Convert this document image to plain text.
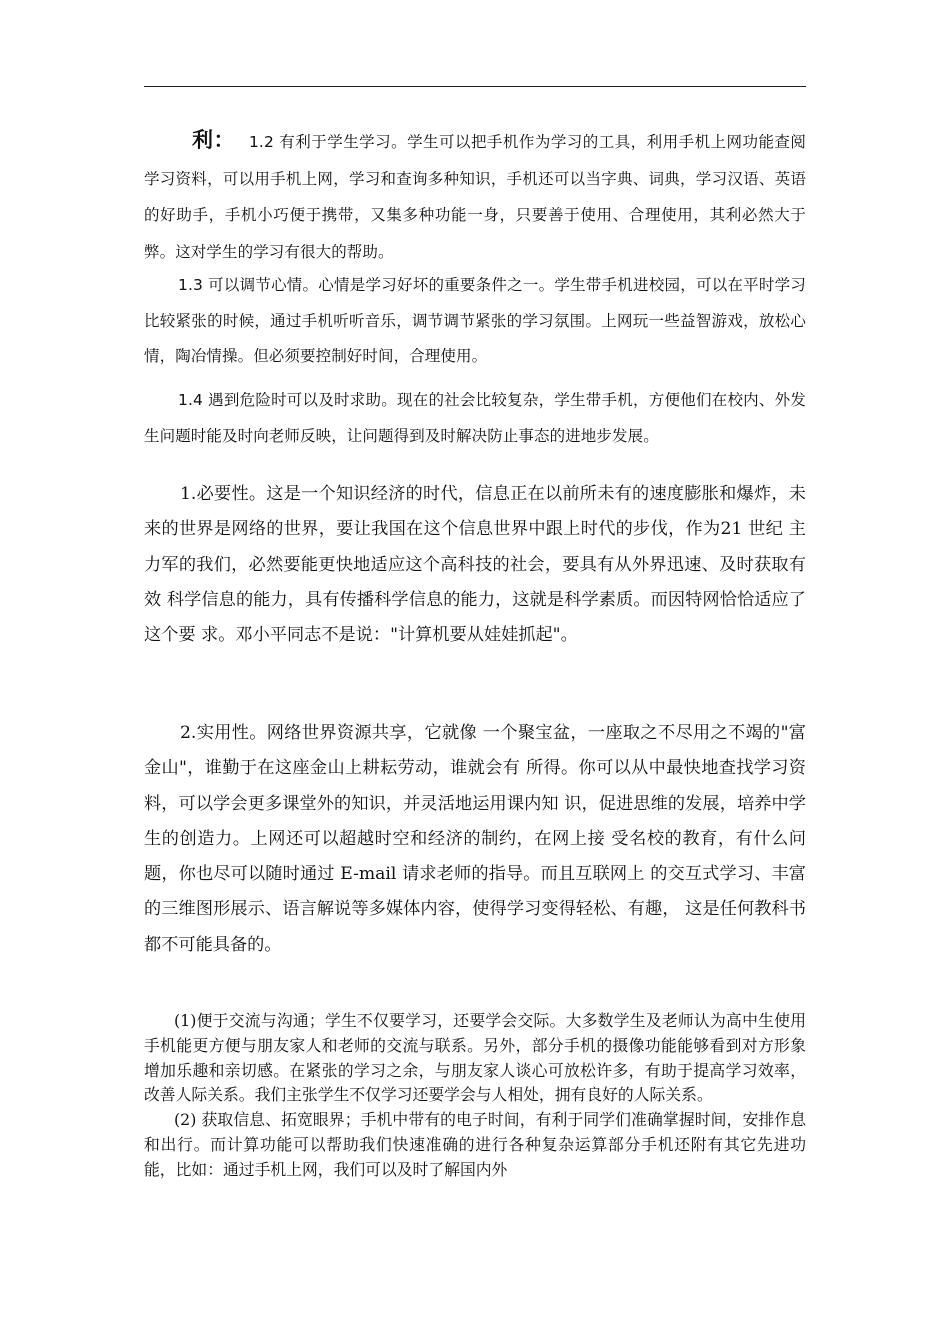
利： 1.2 有利于学生学习。学生可以把手机作为学习的工具，利用手机上网功能查阅学习资料，可以用手机上网，学习和查询多种知识，手机还可以当字典、词典，学习汉语、英语的好助手，手机小巧便于携带，又集多种功能一身，只要善于使用、合理使用，其利必然大于弊。这对学生的学习有很大的帮助。

1.3 可以调节心情。心情是学习好坏的重要条件之一。学生带手机进校园，可以在平时学习比较紧张的时候，通过手机听听音乐，调节调节紧张的学习氛围。上网玩一些益智游戏，放松心情，陶冶情操。但必须要控制好时间，合理使用。

1.4 遇到危险时可以及时求助。现在的社会比较复杂，学生带手机，方便他们在校内、外发生问题时能及时向老师反映，让问题得到及时解决防止事态的进地步发展。

1.必要性。这是一个知识经济的时代，信息正在以前所未有的速度膨胀和爆炸，未来的世界是网络的世界，要让我国在这个信息世界中跟上时代的步伐，作为21 世纪 主力军的我们，必然要能更快地适应这个高科技的社会，要具有从外界迅速、及时获取有效 科学信息的能力，具有传播科学信息的能力，这就是科学素质。而因特网恰恰适应了这个要 求。邓小平同志不是说："计算机要从娃娃抓起"。

2.实用性。网络世界资源共享，它就像 一个聚宝盆，一座取之不尽用之不竭的"富金山"，谁勤于在这座金山上耕耘劳动，谁就会有 所得。你可以从中最快地查找学习资料，可以学会更多课堂外的知识，并灵活地运用课内知 识，促进思维的发展，培养中学生的创造力。上网还可以超越时空和经济的制约，在网上接 受名校的教育，有什么问题，你也尽可以随时通过 E-mail 请求老师的指导。而且互联网上 的交互式学习、丰富的三维图形展示、语言解说等多媒体内容，使得学习变得轻松、有趣， 这是任何教科书都不可能具备的。

(1)便于交流与沟通；学生不仅要学习，还要学会交际。大多数学生及老师认为高中生使用手机能更方便与朋友家人和老师的交流与联系。另外，部分手机的摄像功能能够看到对方形象增加乐趣和亲切感。在紧张的学习之余，与朋友家人谈心可放松许多，有助于提高学习效率，改善人际关系。我们主张学生不仅学习还要学会与人相处，拥有良好的人际关系。

(2) 获取信息、拓宽眼界；手机中带有的电子时间，有利于同学们准确掌握时间，安排作息和出行。而计算功能可以帮助我们快速准确的进行各种复杂运算部分手机还附有其它先进功能，比如：通过手机上网，我们可以及时了解国内外
